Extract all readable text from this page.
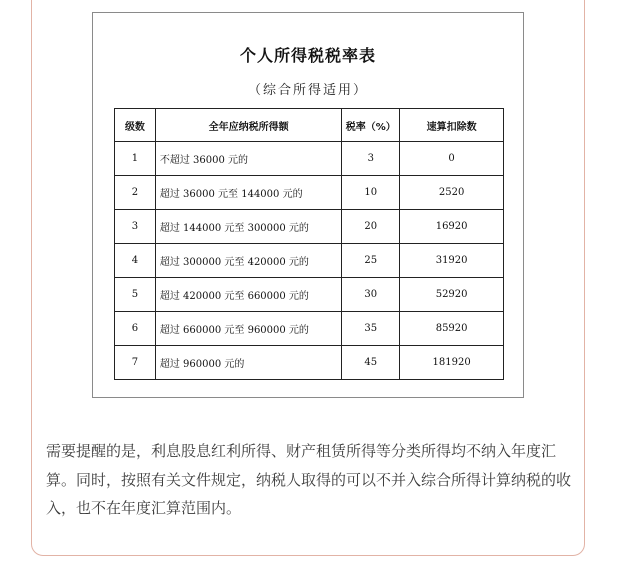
个人所得税税率表
（综合所得适用）
级数	全年应纳税所得额	税率（%）	速算扣除数
1	不超过 36000 元的	3	0
2	超过 36000 元至 144000 元的	10	2520
3	超过 144000 元至 300000 元的	20	16920
4	超过 300000 元至 420000 元的	25	31920
5	超过 420000 元至 660000 元的	30	52920
6	超过 660000 元至 960000 元的	35	85920
7	超过 960000 元的	45	181920

需要提醒的是，利息股息红利所得、财产租赁所得等分类所得均不纳入年度汇算。同时，按照有关文件规定，纳税人取得的可以不并入综合所得计算纳税的收入，也不在年度汇算范围内。
